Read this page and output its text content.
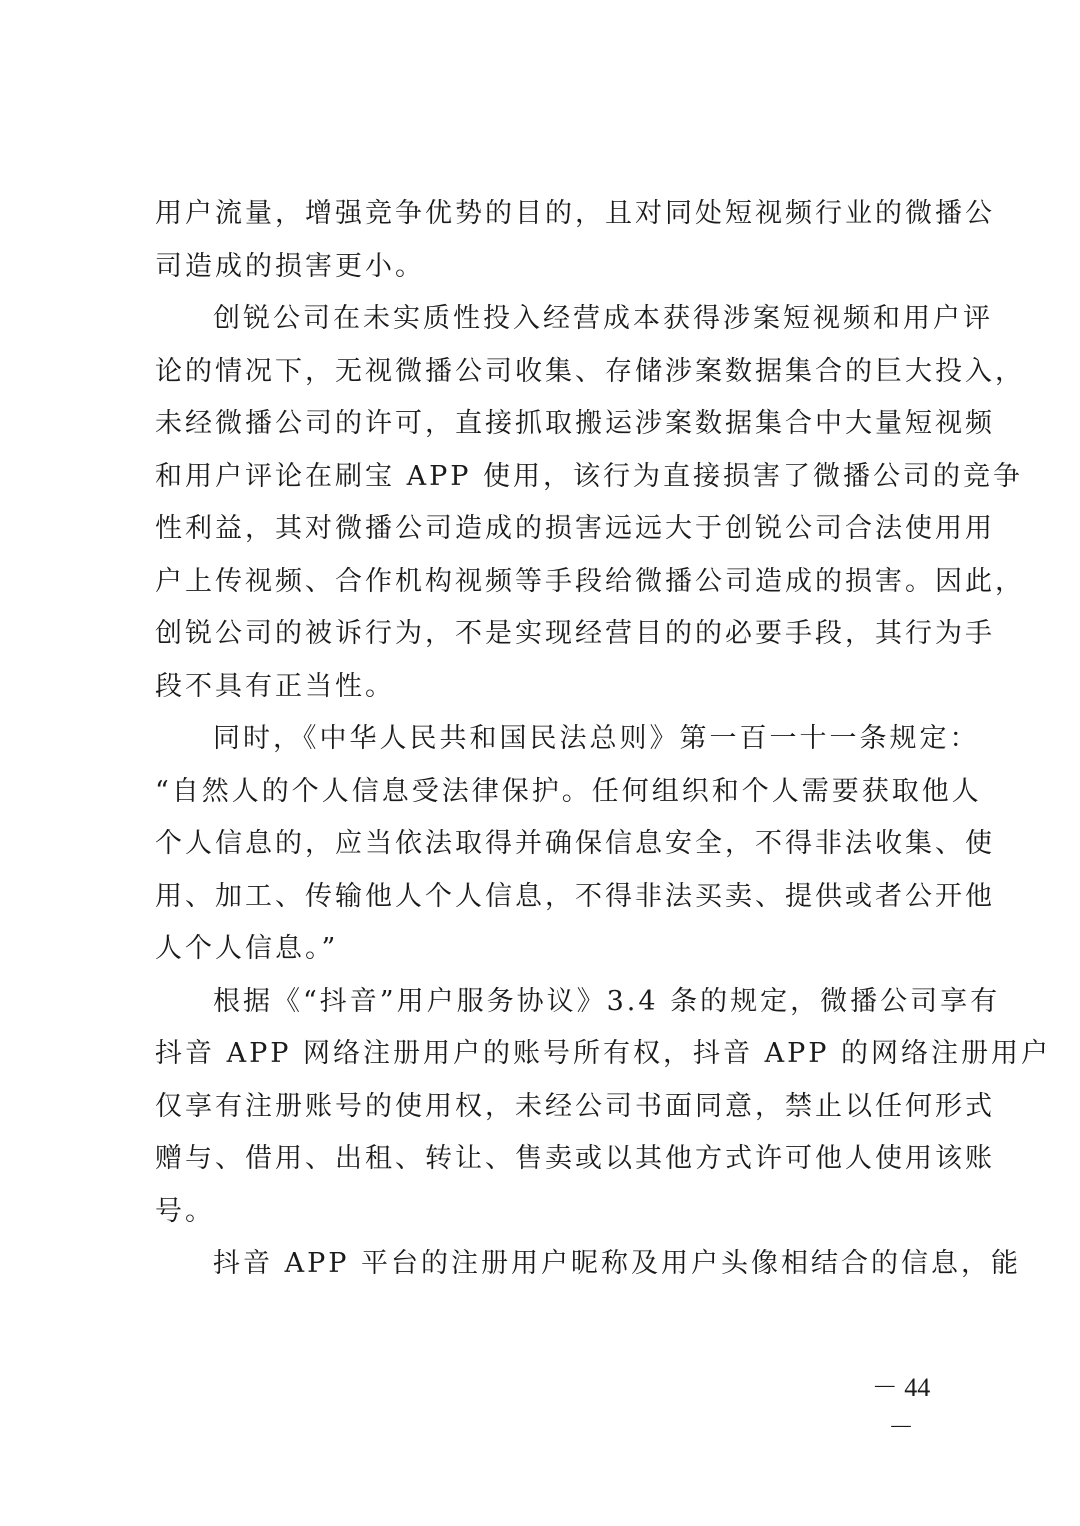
用户流量，增强竞争优势的目的，且对同处短视频行业的微播公
司造成的损害更小。
创锐公司在未实质性投入经营成本获得涉案短视频和用户评
论的情况下，无视微播公司收集、存储涉案数据集合的巨大投入，
未经微播公司的许可，直接抓取搬运涉案数据集合中大量短视频
和用户评论在刷宝 APP 使用，该行为直接损害了微播公司的竞争
性利益，其对微播公司造成的损害远远大于创锐公司合法使用用
户上传视频、合作机构视频等手段给微播公司造成的损害。因此，
创锐公司的被诉行为，不是实现经营目的的必要手段，其行为手
段不具有正当性。
同时，《中华人民共和国民法总则》第一百一十一条规定：
“自然人的个人信息受法律保护。任何组织和个人需要获取他人
个人信息的，应当依法取得并确保信息安全，不得非法收集、使
用、加工、传输他人个人信息，不得非法买卖、提供或者公开他
人个人信息。”
根据《“抖音”用户服务协议》3.4 条的规定，微播公司享有
抖音 APP 网络注册用户的账号所有权，抖音 APP 的网络注册用户
仅享有注册账号的使用权，未经公司书面同意，禁止以任何形式
赠与、借用、出租、转让、售卖或以其他方式许可他人使用该账
号。
抖音 APP 平台的注册用户昵称及用户头像相结合的信息，能
－ 44 －
